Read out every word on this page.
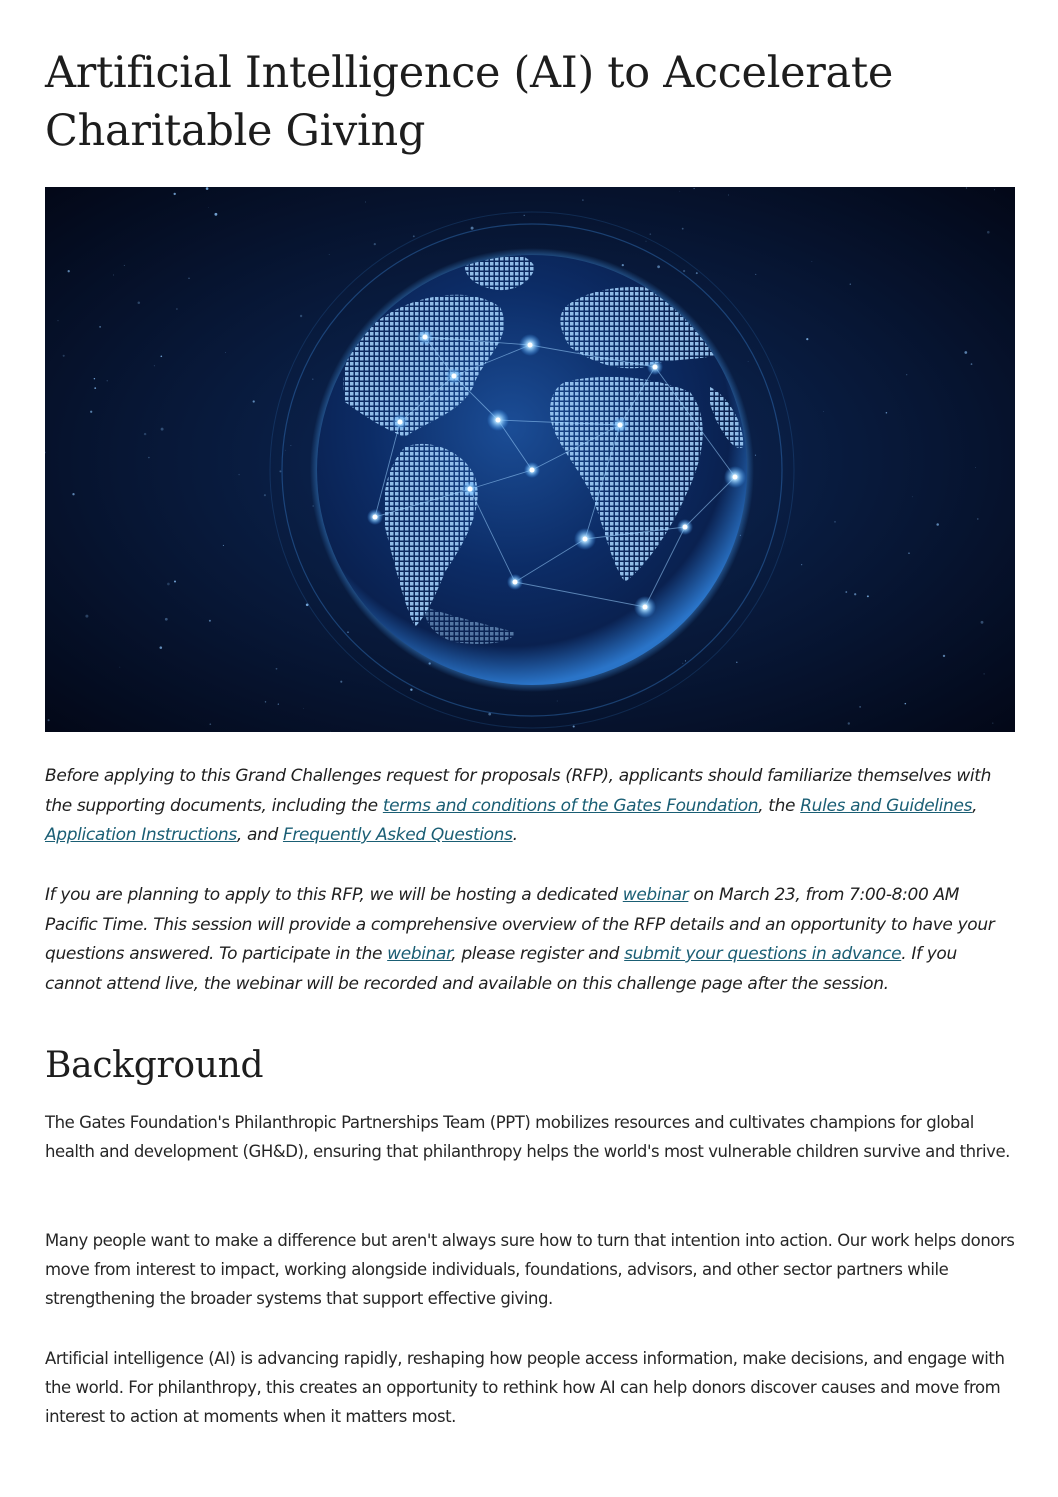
Artificial Intelligence (AI) to Accelerate
Charitable Giving

Before applying to this Grand Challenges request for proposals (RFP), applicants should familiarize themselves with the supporting documents, including the terms and conditions of the Gates Foundation, the Rules and Guidelines, Application Instructions, and Frequently Asked Questions.

If you are planning to apply to this RFP, we will be hosting a dedicated webinar on March 23, from 7:00-8:00 AM Pacific Time. This session will provide a comprehensive overview of the RFP details and an opportunity to have your questions answered. To participate in the webinar, please register and submit your questions in advance. If you cannot attend live, the webinar will be recorded and available on this challenge page after the session.

Background

The Gates Foundation's Philanthropic Partnerships Team (PPT) mobilizes resources and cultivates champions for global health and development (GH&D), ensuring that philanthropy helps the world's most vulnerable children survive and thrive.

Many people want to make a difference but aren't always sure how to turn that intention into action. Our work helps donors move from interest to impact, working alongside individuals, foundations, advisors, and other sector partners while strengthening the broader systems that support effective giving.

Artificial intelligence (AI) is advancing rapidly, reshaping how people access information, make decisions, and engage with the world. For philanthropy, this creates an opportunity to rethink how AI can help donors discover causes and move from interest to action at moments when it matters most.
